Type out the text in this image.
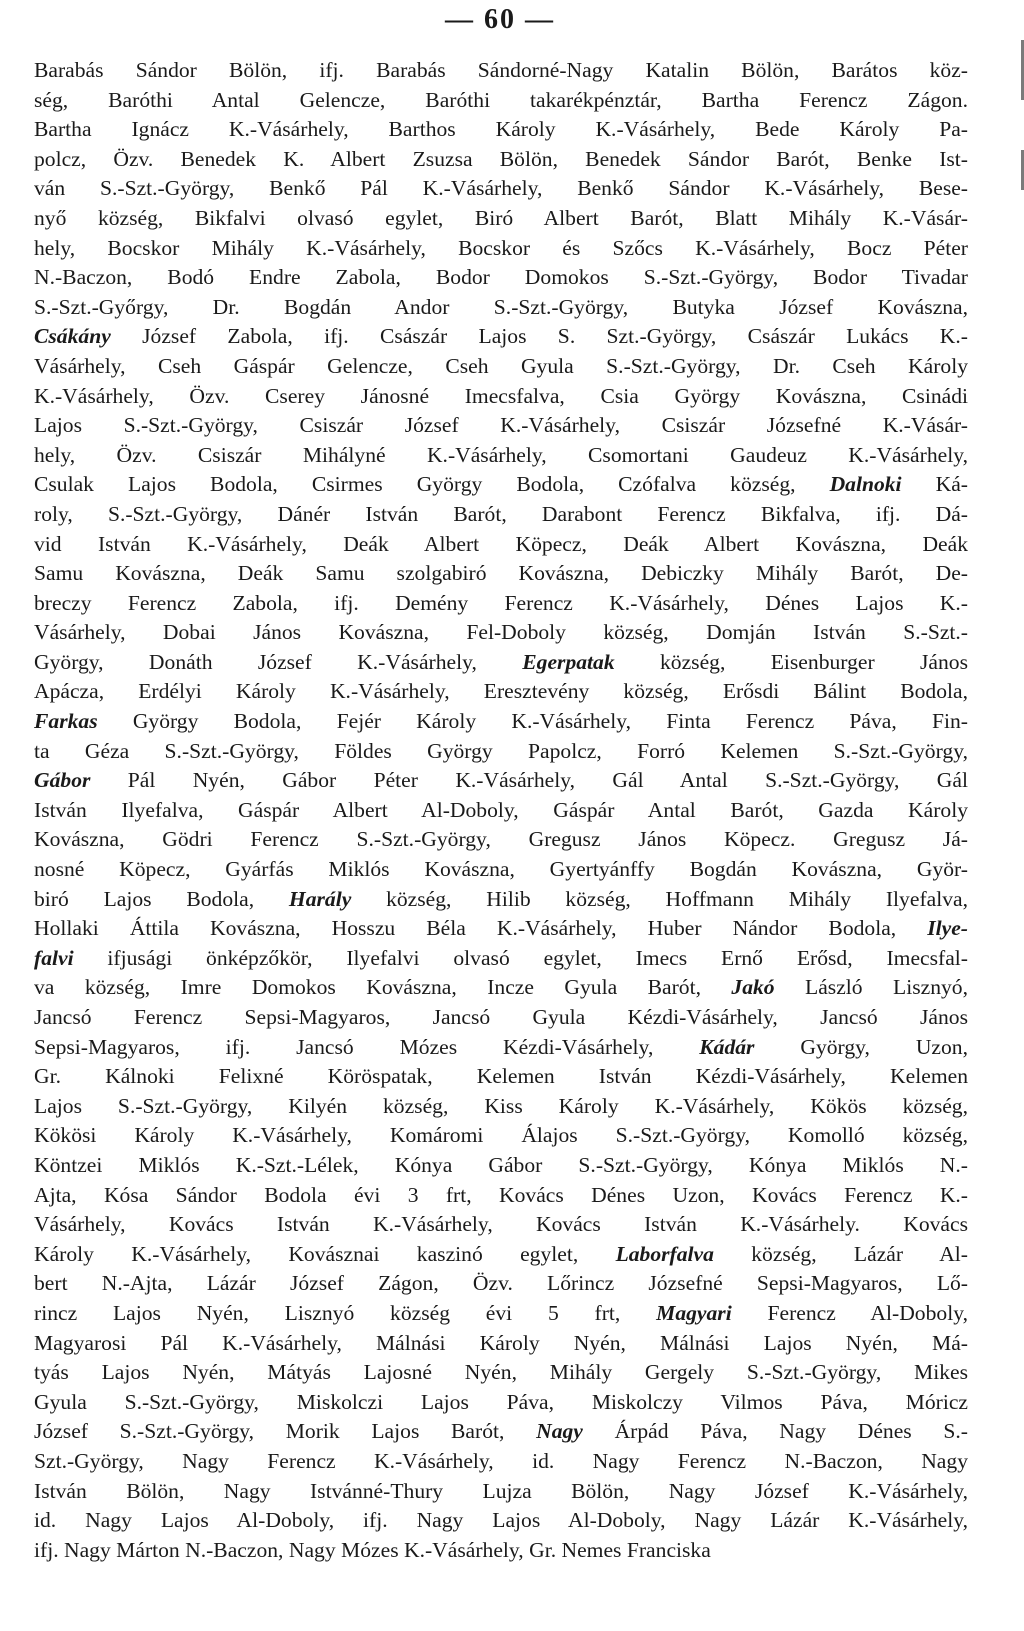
— 60 —
Barabás Sándor Bölön, ifj. Barabás Sándorné-Nagy Katalin Bölön, Barátos köz-
ség, Baróthi Antal Gelencze, Baróthi takarékpénztár, Bartha Ferencz Zágon.
Bartha Ignácz K.-Vásárhely, Barthos Károly K.-Vásárhely, Bede Károly Pa-
polcz, Özv. Benedek K. Albert Zsuzsa Bölön, Benedek Sándor Barót, Benke Ist-
ván S.-Szt.-György, Benkő Pál K.-Vásárhely, Benkő Sándor K.-Vásárhely, Bese-
nyő község, Bikfalvi olvasó egylet, Biró Albert Barót, Blatt Mihály K.-Vásár-
hely, Bocskor Mihály K.-Vásárhely, Bocskor és Szőcs K.-Vásárhely, Bocz Péter
N.-Baczon, Bodó Endre Zabola, Bodor Domokos S.-Szt.-György, Bodor Tivadar
S.-Szt.-Győrgy, Dr. Bogdán Andor S.-Szt.-György, Butyka József Kovászna,
Csákány József Zabola, ifj. Császár Lajos S. Szt.-György, Császár Lukács K.-
Vásárhely, Cseh Gáspár Gelencze, Cseh Gyula S.-Szt.-György, Dr. Cseh Károly
K.-Vásárhely, Özv. Cserey Jánosné Imecsfalva, Csia György Kovászna, Csinádi
Lajos S.-Szt.-György, Csiszár József K.-Vásárhely, Csiszár Józsefné K.-Vásár-
hely, Özv. Csiszár Mihályné K.-Vásárhely, Csomortani Gaudeuz K.-Vásárhely,
Csulak Lajos Bodola, Csirmes György Bodola, Czófalva község, Dalnoki Ká-
roly, S.-Szt.-György, Dánér István Barót, Darabont Ferencz Bikfalva, ifj. Dá-
vid István K.-Vásárhely, Deák Albert Köpecz, Deák Albert Kovászna, Deák
Samu Kovászna, Deák Samu szolgabiró Kovászna, Debiczky Mihály Barót, De-
breczy Ferencz Zabola, ifj. Demény Ferencz K.-Vásárhely, Dénes Lajos K.-
Vásárhely, Dobai János Kovászna, Fel-Doboly község, Domján István S.-Szt.-
György, Donáth József K.-Vásárhely, Egerpatak község, Eisenburger János
Apácza, Erdélyi Károly K.-Vásárhely, Eresztevény község, Erősdi Bálint Bodola,
Farkas György Bodola, Fejér Károly K.-Vásárhely, Finta Ferencz Páva, Fin-
ta Géza S.-Szt.-György, Földes György Papolcz, Forró Kelemen S.-Szt.-György,
Gábor Pál Nyén, Gábor Péter K.-Vásárhely, Gál Antal S.-Szt.-György, Gál
István Ilyefalva, Gáspár Albert Al-Doboly, Gáspár Antal Barót, Gazda Károly
Kovászna, Gödri Ferencz S.-Szt.-György, Gregusz János Köpecz. Gregusz Já-
nosné Köpecz, Gyárfás Miklós Kovászna, Gyertyánffy Bogdán Kovászna, Györ-
biró Lajos Bodola, Harály község, Hilib község, Hoffmann Mihály Ilyefalva,
Hollaki Áttila Kovászna, Hosszu Béla K.-Vásárhely, Huber Nándor Bodola, Ilye-
falvi ifjusági önképzőkör, Ilyefalvi olvasó egylet, Imecs Ernő Erősd, Imecsfal-
va község, Imre Domokos Kovászna, Incze Gyula Barót, Jakó László Lisznyó,
Jancsó Ferencz Sepsi-Magyaros, Jancsó Gyula Kézdi-Vásárhely, Jancsó János
Sepsi-Magyaros, ifj. Jancsó Mózes Kézdi-Vásárhely, Kádár György, Uzon,
Gr. Kálnoki Felixné Köröspatak, Kelemen István Kézdi-Vásárhely, Kelemen
Lajos S.-Szt.-György, Kilyén község, Kiss Károly K.-Vásárhely, Kökös község,
Kökösi Károly K.-Vásárhely, Komáromi Álajos S.-Szt.-György, Komolló község,
Köntzei Miklós K.-Szt.-Lélek, Kónya Gábor S.-Szt.-György, Kónya Miklós N.-
Ajta, Kósa Sándor Bodola évi 3 frt, Kovács Dénes Uzon, Kovács Ferencz K.-
Vásárhely, Kovács István K.-Vásárhely, Kovács István K.-Vásárhely. Kovács
Károly K.-Vásárhely, Kovásznai kaszinó egylet, Laborfalva község, Lázár Al-
bert N.-Ajta, Lázár József Zágon, Özv. Lőrincz Józsefné Sepsi-Magyaros, Lő-
rincz Lajos Nyén, Lisznyó község évi 5 frt, Magyari Ferencz Al-Doboly,
Magyarosi Pál K.-Vásárhely, Málnási Károly Nyén, Málnási Lajos Nyén, Má-
tyás Lajos Nyén, Mátyás Lajosné Nyén, Mihály Gergely S.-Szt.-György, Mikes
Gyula S.-Szt.-György, Miskolczi Lajos Páva, Miskolczy Vilmos Páva, Móricz
József S.-Szt.-György, Morik Lajos Barót, Nagy Árpád Páva, Nagy Dénes S.-
Szt.-György, Nagy Ferencz K.-Vásárhely, id. Nagy Ferencz N.-Baczon, Nagy
István Bölön, Nagy Istvánné-Thury Lujza Bölön, Nagy József K.-Vásárhely,
id. Nagy Lajos Al-Doboly, ifj. Nagy Lajos Al-Doboly, Nagy Lázár K.-Vásárhely,
ifj. Nagy Márton N.-Baczon, Nagy Mózes K.-Vásárhely, Gr. Nemes Franciska
